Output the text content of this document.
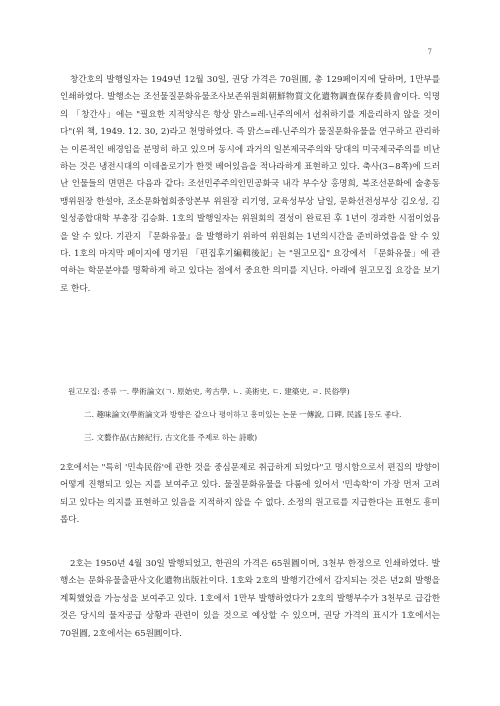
7

창간호의 발행일자는 1949년 12월 30일, 권당 가격은 70원圓, 총 129페이지에 달하며, 1만부를 인쇄하였다. 발행소는 조선물질문화유물조사보존위원회朝鮮物質文化遺物調査保存委員會이다. 익명의 「창간사」에는 "필요한 지적양식은 항상 맑스=레-닌주의에서 섭취하기를 게을리하지 않을 것이다"(위 책, 1949. 12. 30, 2)라고 천명하였다. 즉 맑스=레-닌주의가 물질문화유물을 연구하고 관리하는 이론적인 배경임을 분명히 하고 있으며 동시에 과거의 일본제국주의와 당대의 미국제국주의를 비난하는 것은 냉전시대의 이데올로기가 한껏 베어있음을 적나라하게 표현하고 있다. 축사(3~8쪽)에 드러난 인물들의 면면은 다음과 같다: 조선민주주의인민공화국 내각 부수상 홍명희, 북조선문화에 술총동맹위원장 한설야, 조소문화협회중앙본부 위원장 리기영, 교육성부상 남일, 문화선전성부상 김오성, 김일성종합대학 부총장 김승화. 1호의 발행일자는 위원회의 결성이 완료된 후 1년이 경과한 시점이었음을 알 수 있다. 기관지 『문화유물』을 발행하기 위하여 위원회는 1년의시간을 준비하였음을 알 수 있다. 1호의 마지막 페이지에 명기된 「편집후기編輯後記」는 "원고모집" 요강에서 「문화유물」에 관여하는 학문분야를 명확하게 하고 있다는 점에서 중요한 의미를 지닌다. 아래에 원고모집 요강을 보기로 한다.

원고모집: 종류 ㅡ. 學術論文(ㄱ. 原始史, 考古學, ㄴ. 美術史, ㄷ. 建築史, ㄹ. 民俗學)

二. 趣味論文(學術論文과 방향은 같으나 평이하고 흥미있는 논문 ㅡ傳說, 口碑, 民謠 [등도 좋다.

三. 文藝作品(古跡紀行, 古文化를 주제로 하는 詩歌)

2호에서는 "특히 '민속民俗'에 관한 것을 중심문제로 취급하게 되었다"고 명시함으로서 편집의 방향이 어떻게 진행되고 있는 지를 보여주고 있다. 물질문화유물을 다룸에 있어서 '민속학'이 가장 먼저 고려되고 있다는 의지를 표현하고 있음을 지적하지 않을 수 없다. 소정의 원고료를 지급한다는 표현도 흥미롭다.

2호는 1950년 4월 30일 발행되었고, 한권의 가격은 65원圓이며, 3천부 한정으로 인쇄하였다. 발행소는 문화유물출판사文化遺物出版社이다. 1호와 2호의 발행기간에서 감지되는 것은 년2회 발행을 계획했었을 가능성을 보여주고 있다. 1호에서 1만부 발행하였다가 2호의 발행부수가 3천부로 급감한 것은 당시의 물자공급 상황과 관련이 있을 것으로 예상할 수 있으며, 권당 가격의 표시가 1호에서는 70원圓, 2호에서는 65원圓이다.
